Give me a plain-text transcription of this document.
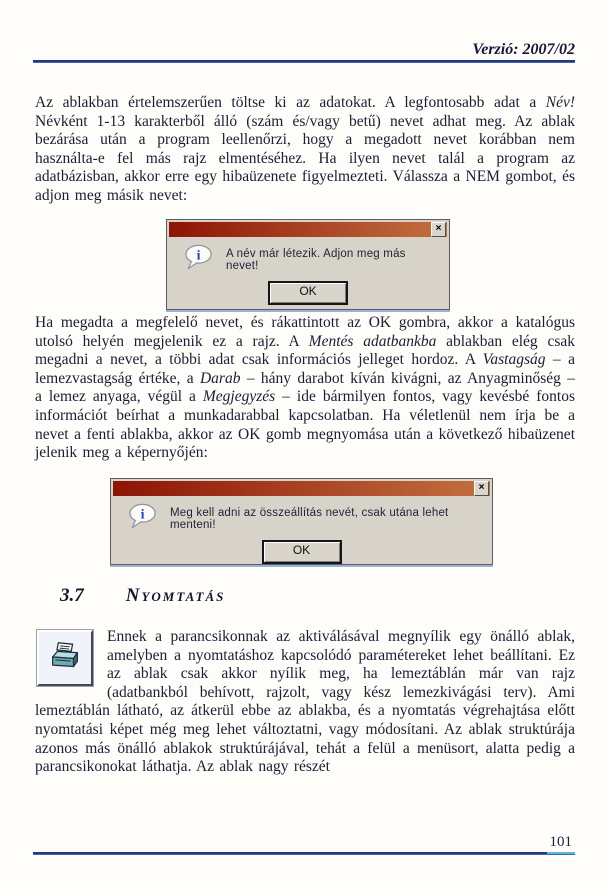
Verzió: 2007/02

Az ablakban értelemszerűen töltse ki az adatokat. A legfontosabb adat a Név! Névként 1-13 karakterből álló (szám és/vagy betű) nevet adhat meg. Az ablak bezárása után a program leellenőrzi, hogy a megadott nevet korábban nem használta-e fel más rajz elmentéséhez. Ha ilyen nevet talál a program az adatbázisban, akkor erre egy hibaüzenete figyelmezteti. Válassza a NEM gombot, és adjon meg másik nevet:

×
i A név már létezik. Adjon meg más nevet!
OK

Ha megadta a megfelelő nevet, és rákattintott az OK gombra, akkor a katalógus utolsó helyén megjelenik ez a rajz. A Mentés adatbankba ablakban elég csak megadni a nevet, a többi adat csak információs jelleget hordoz. A Vastagság – a lemezvastagság értéke, a Darab – hány darabot kíván kivágni, az Anyagminőség – a lemez anyaga, végül a Megjegyzés – ide bármilyen fontos, vagy kevésbé fontos információt beírhat a munkadarabbal kapcsolatban. Ha véletlenül nem írja be a nevet a fenti ablakba, akkor az OK gomb megnyomása után a következő hibaüzenet jelenik meg a képernyőjén:

×
i Meg kell adni az összeállítás nevét, csak utána lehet menteni!
OK
3.7 Nyomtatás

Ennek a parancsikonnak az aktiválásával megnyílik egy önálló ablak, amelyben a nyomtatáshoz kapcsolódó paramétereket lehet beállítani. Ez az ablak csak akkor nyílik meg, ha lemeztáblán már van rajz (adatbankból behívott, rajzolt, vagy kész lemezkivágási terv). Ami lemeztáblán látható, az átkerül ebbe az ablakba, és a nyomtatás végrehajtása előtt nyomtatási képet még meg lehet változtatni, vagy módosítani. Az ablak struktúrája azonos más önálló ablakok struktúrájával, tehát a felül a menüsort, alatta pedig a parancsikonokat láthatja. Az ablak nagy részét

101
